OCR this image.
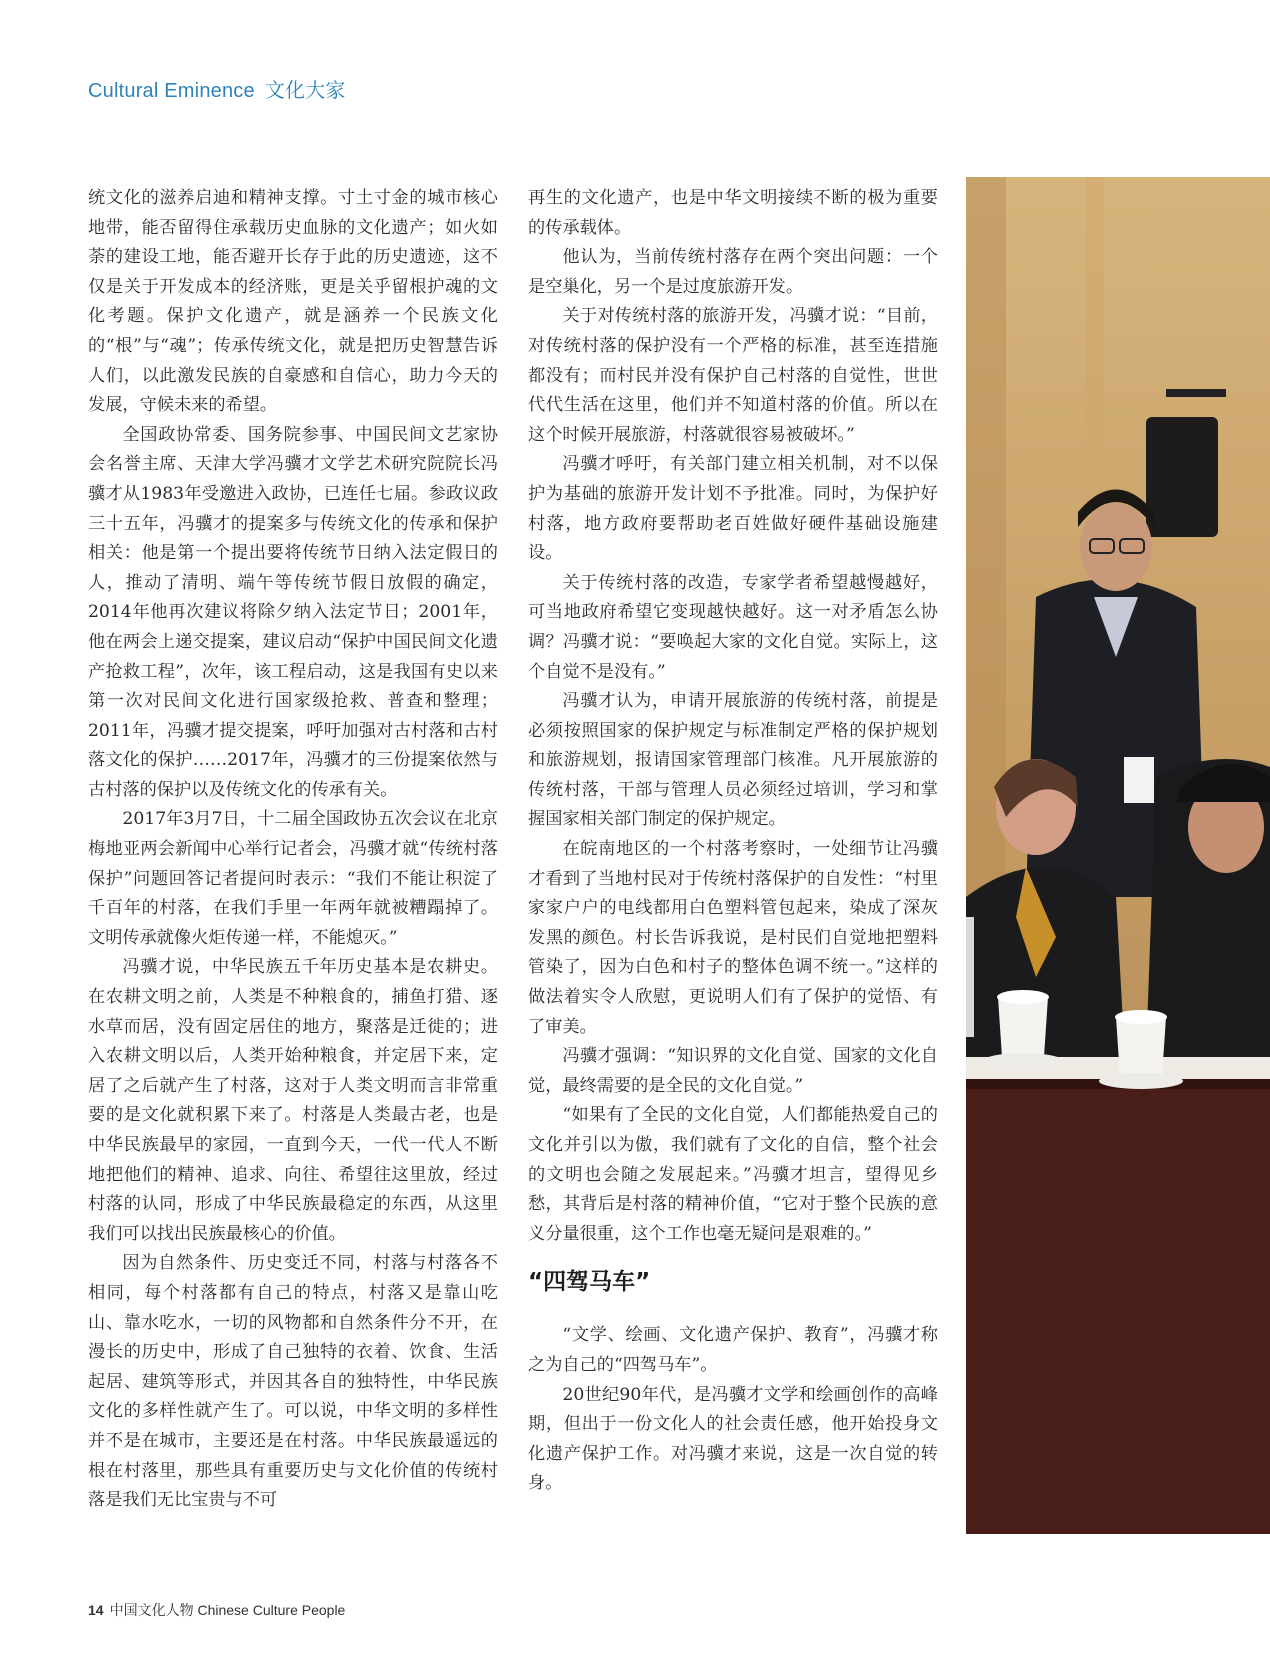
Cultural Eminence 文化大家

统文化的滋养启迪和精神支撑。寸土寸金的城市核心地带，能否留得住承载历史血脉的文化遗产；如火如荼的建设工地，能否避开长存于此的历史遗迹，这不仅是关于开发成本的经济账，更是关乎留根护魂的文化考题。保护文化遗产，就是涵养一个民族文化的“根”与“魂”；传承传统文化，就是把历史智慧告诉人们，以此激发民族的自豪感和自信心，助力今天的发展，守候未来的希望。

全国政协常委、国务院参事、中国民间文艺家协会名誉主席、天津大学冯骥才文学艺术研究院院长冯骥才从1983年受邀进入政协，已连任七届。参政议政三十五年，冯骥才的提案多与传统文化的传承和保护相关：他是第一个提出要将传统节日纳入法定假日的人，推动了清明、端午等传统节假日放假的确定，2014年他再次建议将除夕纳入法定节日；2001年，他在两会上递交提案，建议启动“保护中国民间文化遗产抢救工程”，次年，该工程启动，这是我国有史以来第一次对民间文化进行国家级抢救、普查和整理；2011年，冯骥才提交提案，呼吁加强对古村落和古村落文化的保护……2017年，冯骥才的三份提案依然与古村落的保护以及传统文化的传承有关。

2017年3月7日，十二届全国政协五次会议在北京梅地亚两会新闻中心举行记者会，冯骥才就“传统村落保护”问题回答记者提问时表示：“我们不能让积淀了千百年的村落，在我们手里一年两年就被糟蹋掉了。文明传承就像火炬传递一样，不能熄灭。”

冯骥才说，中华民族五千年历史基本是农耕史。在农耕文明之前，人类是不种粮食的，捕鱼打猎、逐水草而居，没有固定居住的地方，聚落是迁徙的；进入农耕文明以后，人类开始种粮食，并定居下来，定居了之后就产生了村落，这对于人类文明而言非常重要的是文化就积累下来了。村落是人类最古老，也是中华民族最早的家园，一直到今天，一代一代人不断地把他们的精神、追求、向往、希望往这里放，经过村落的认同，形成了中华民族最稳定的东西，从这里我们可以找出民族最核心的价值。

因为自然条件、历史变迁不同，村落与村落各不相同，每个村落都有自己的特点，村落又是靠山吃山、靠水吃水，一切的风物都和自然条件分不开，在漫长的历史中，形成了自己独特的衣着、饮食、生活起居、建筑等形式，并因其各自的独特性，中华民族文化的多样性就产生了。可以说，中华文明的多样性并不是在城市，主要还是在村落。中华民族最遥远的根在村落里，那些具有重要历史与文化价值的传统村落是我们无比宝贵与不可

再生的文化遗产，也是中华文明接续不断的极为重要的传承载体。

他认为，当前传统村落存在两个突出问题：一个是空巢化，另一个是过度旅游开发。

关于对传统村落的旅游开发，冯骥才说：“目前，对传统村落的保护没有一个严格的标准，甚至连措施都没有；而村民并没有保护自己村落的自觉性，世世代代生活在这里，他们并不知道村落的价值。所以在这个时候开展旅游，村落就很容易被破坏。”

冯骥才呼吁，有关部门建立相关机制，对不以保护为基础的旅游开发计划不予批准。同时，为保护好村落，地方政府要帮助老百姓做好硬件基础设施建设。

关于传统村落的改造，专家学者希望越慢越好，可当地政府希望它变现越快越好。这一对矛盾怎么协调？冯骥才说：“要唤起大家的文化自觉。实际上，这个自觉不是没有。”

冯骥才认为，申请开展旅游的传统村落，前提是必须按照国家的保护规定与标准制定严格的保护规划和旅游规划，报请国家管理部门核准。凡开展旅游的传统村落，干部与管理人员必须经过培训，学习和掌握国家相关部门制定的保护规定。

在皖南地区的一个村落考察时，一处细节让冯骥才看到了当地村民对于传统村落保护的自发性：“村里家家户户的电线都用白色塑料管包起来，染成了深灰发黑的颜色。村长告诉我说，是村民们自觉地把塑料管染了，因为白色和村子的整体色调不统一。”这样的做法着实令人欣慰，更说明人们有了保护的觉悟、有了审美。

冯骥才强调：“知识界的文化自觉、国家的文化自觉，最终需要的是全民的文化自觉。”

“如果有了全民的文化自觉，人们都能热爱自己的文化并引以为傲，我们就有了文化的自信，整个社会的文明也会随之发展起来。”冯骥才坦言，望得见乡愁，其背后是村落的精神价值，“它对于整个民族的意义分量很重，这个工作也毫无疑问是艰难的。”

“四驾马车”

“文学、绘画、文化遗产保护、教育”，冯骥才称之为自己的“四驾马车”。

20世纪90年代，是冯骥才文学和绘画创作的高峰期，但出于一份文化人的社会责任感，他开始投身文化遗产保护工作。对冯骥才来说，这是一次自觉的转身。

14 中国文化人物 Chinese Culture People
